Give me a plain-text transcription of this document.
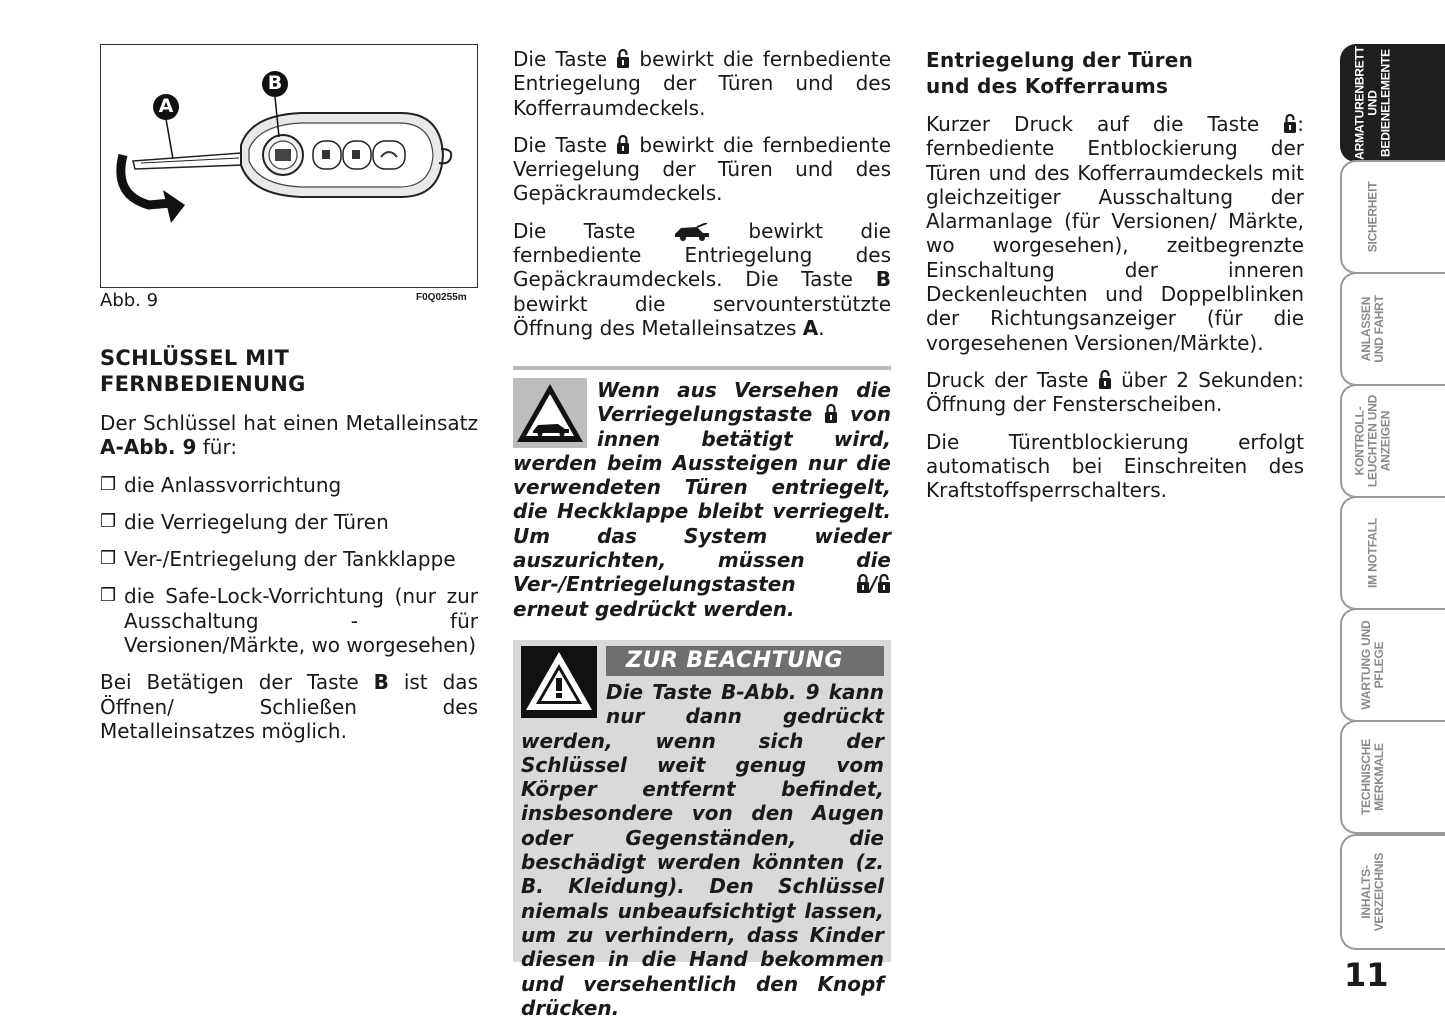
A
B
Abb. 9	F0Q0255m
SCHLÜSSEL MIT
FERNBEDIENUNG

Der Schlüssel hat einen Metalleinsatz A-Abb. 9 für:

❒ die Anlassvorrichtung
❒ die Verriegelung der Türen
❒ Ver-/Entriegelung der Tankklappe
❒ die Safe-Lock-Vorrichtung (nur zur Ausschaltung - für Versionen/Märkte, wo worgesehen)

Bei Betätigen der Taste B ist das Öffnen/ Schließen des Metalleinsatzes möglich.

Die Taste bewirkt die fernbediente Entriegelung der Türen und des Kofferraumdeckels.

Die Taste bewirkt die fernbediente Verriegelung der Türen und des Gepäckraumdeckels.

Die Taste	bewirkt die fernbediente Entriegelung des Gepäckraumdeckels. Die Taste B bewirkt die servounterstützte Öffnung des Metalleinsatzes A.

Wenn aus Versehen die Verriegelungstaste von innen betätigt wird, werden beim Aussteigen nur die verwendeten Türen entriegelt, die Heckklappe bleibt verriegelt. Um das System wieder auszurichten, müssen die Ver-/Entriegelungstasten	/ erneut gedrückt werden.
ZUR BEACHTUNG
Die Taste B-Abb. 9 kann nur dann gedrückt werden, wenn sich der Schlüssel weit genug vom Körper entfernt befindet, insbesondere von den Augen oder Gegenständen, die beschädigt werden könnten (z. B. Kleidung). Den Schlüssel niemals unbeaufsichtigt lassen, um zu verhindern, dass Kinder diesen in die Hand bekommen und versehentlich den Knopf drücken.
Entriegelung der Türen
und des Kofferraums

Kurzer Druck auf die Taste : fernbediente Entblockierung der Türen und des Kofferraumdeckels mit gleichzeitiger Ausschaltung der Alarmanlage (für Versionen/ Märkte, wo worgesehen), zeitbegrenzte Einschaltung der inneren Deckenleuchten und Doppelblinken der Richtungsanzeiger (für die vorgesehenen Versionen/Märkte).

Druck der Taste über 2 Sekunden: Öffnung der Fensterscheiben.

Die Türentblockierung erfolgt automatisch bei Einschreiten des Kraftstoffsperrschalters.

ARMATURENBRETT
UND
BEDIENELEMENTE
SICHERHEIT
ANLASSEN
UND FAHRT
KONTROLL-
LEUCHTEN UND
ANZEIGEN
IM NOTFALL
WARTUNG UND
PFLEGE
TECHNISCHE
MERKMALE
INHALTS-
VERZEICHNIS
11
